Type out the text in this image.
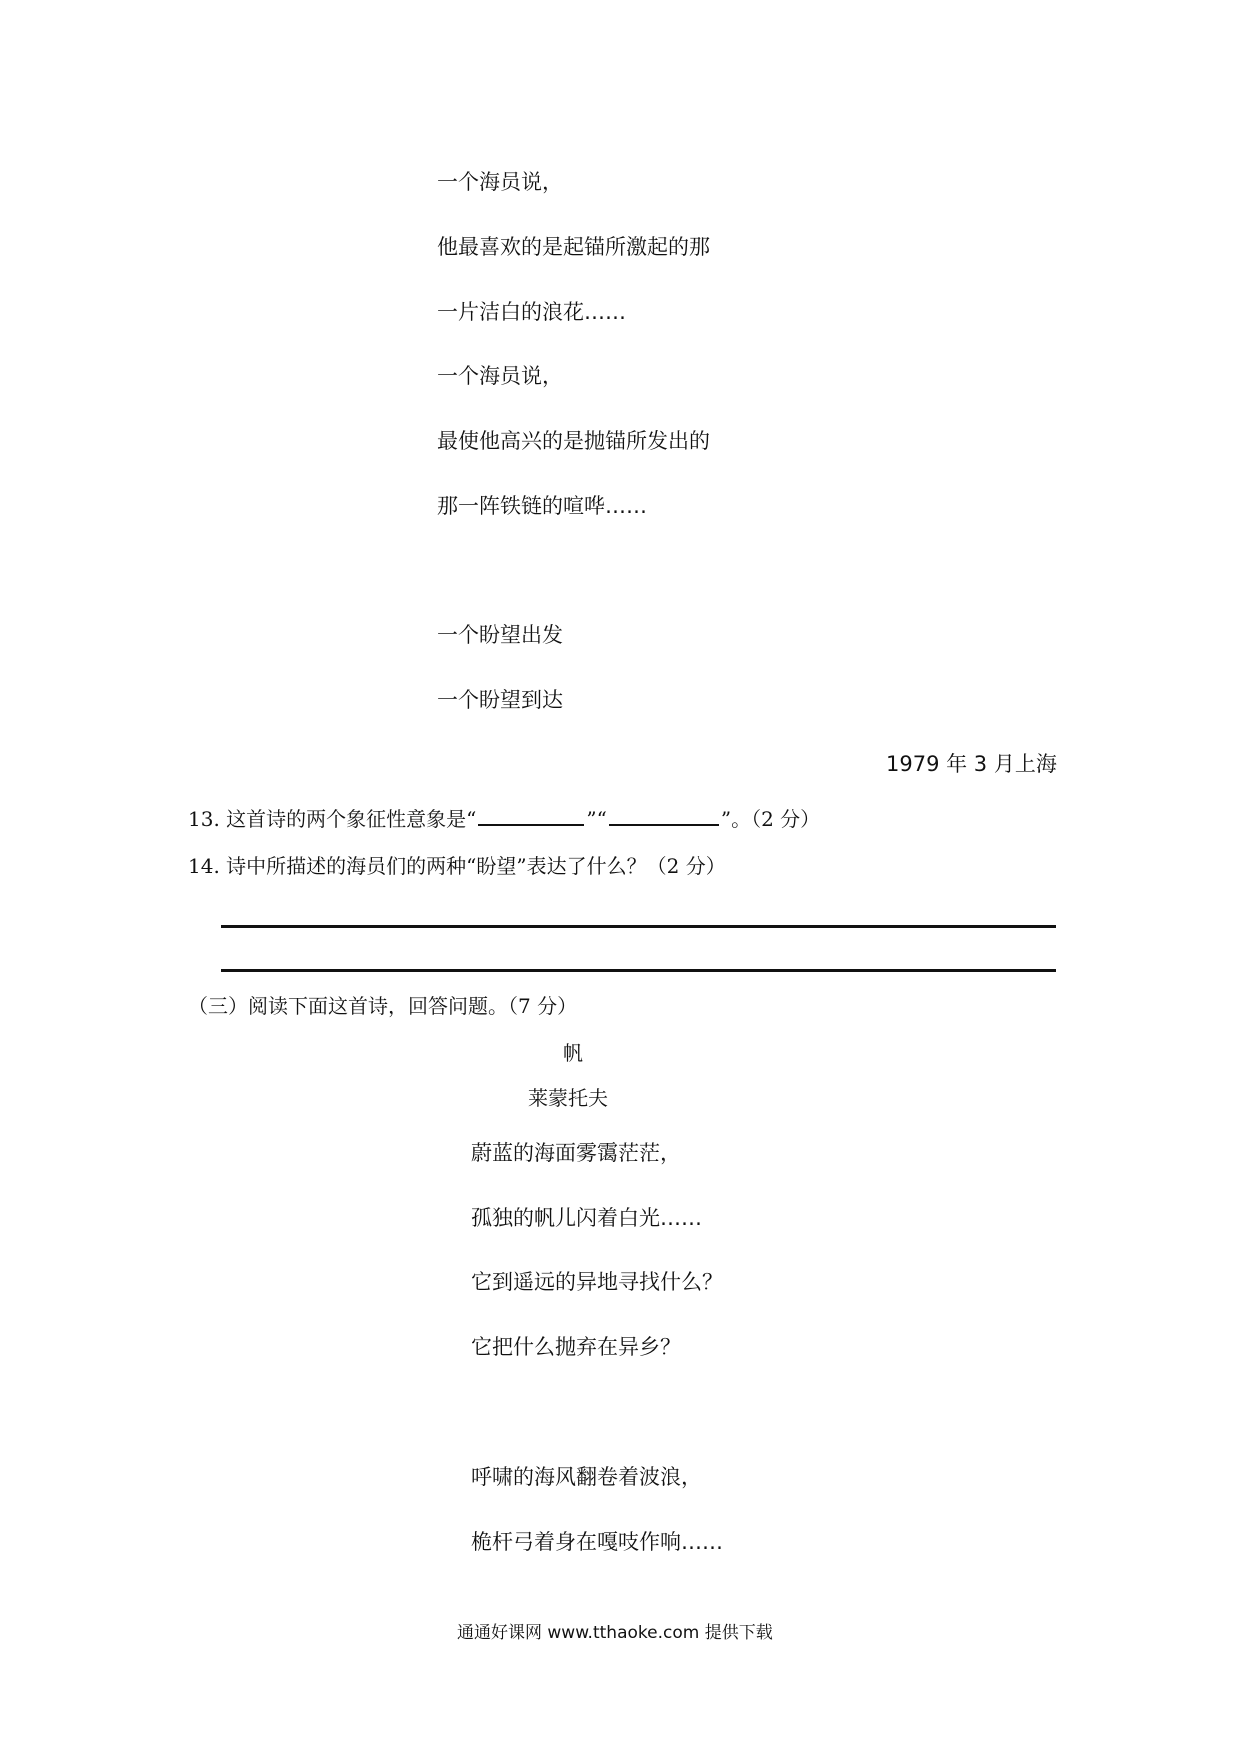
一个海员说，
他最喜欢的是起锚所激起的那
一片洁白的浪花……
一个海员说，
最使他高兴的是抛锚所发出的
那一阵铁链的喧哗……
一个盼望出发
一个盼望到达
1979 年 3 月上海
13. 这首诗的两个象征性意象是“	”“	”。（2 分）
14. 诗中所描述的海员们的两种“盼望”表达了什么？（2 分）
（三）阅读下面这首诗，回答问题。（7 分）
帆
莱蒙托夫
蔚蓝的海面雾霭茫茫，
孤独的帆儿闪着白光……
它到遥远的异地寻找什么？
它把什么抛弃在异乡？
呼啸的海风翻卷着波浪，
桅杆弓着身在嘎吱作响……
通通好课网 www.tthaoke.com 提供下载
